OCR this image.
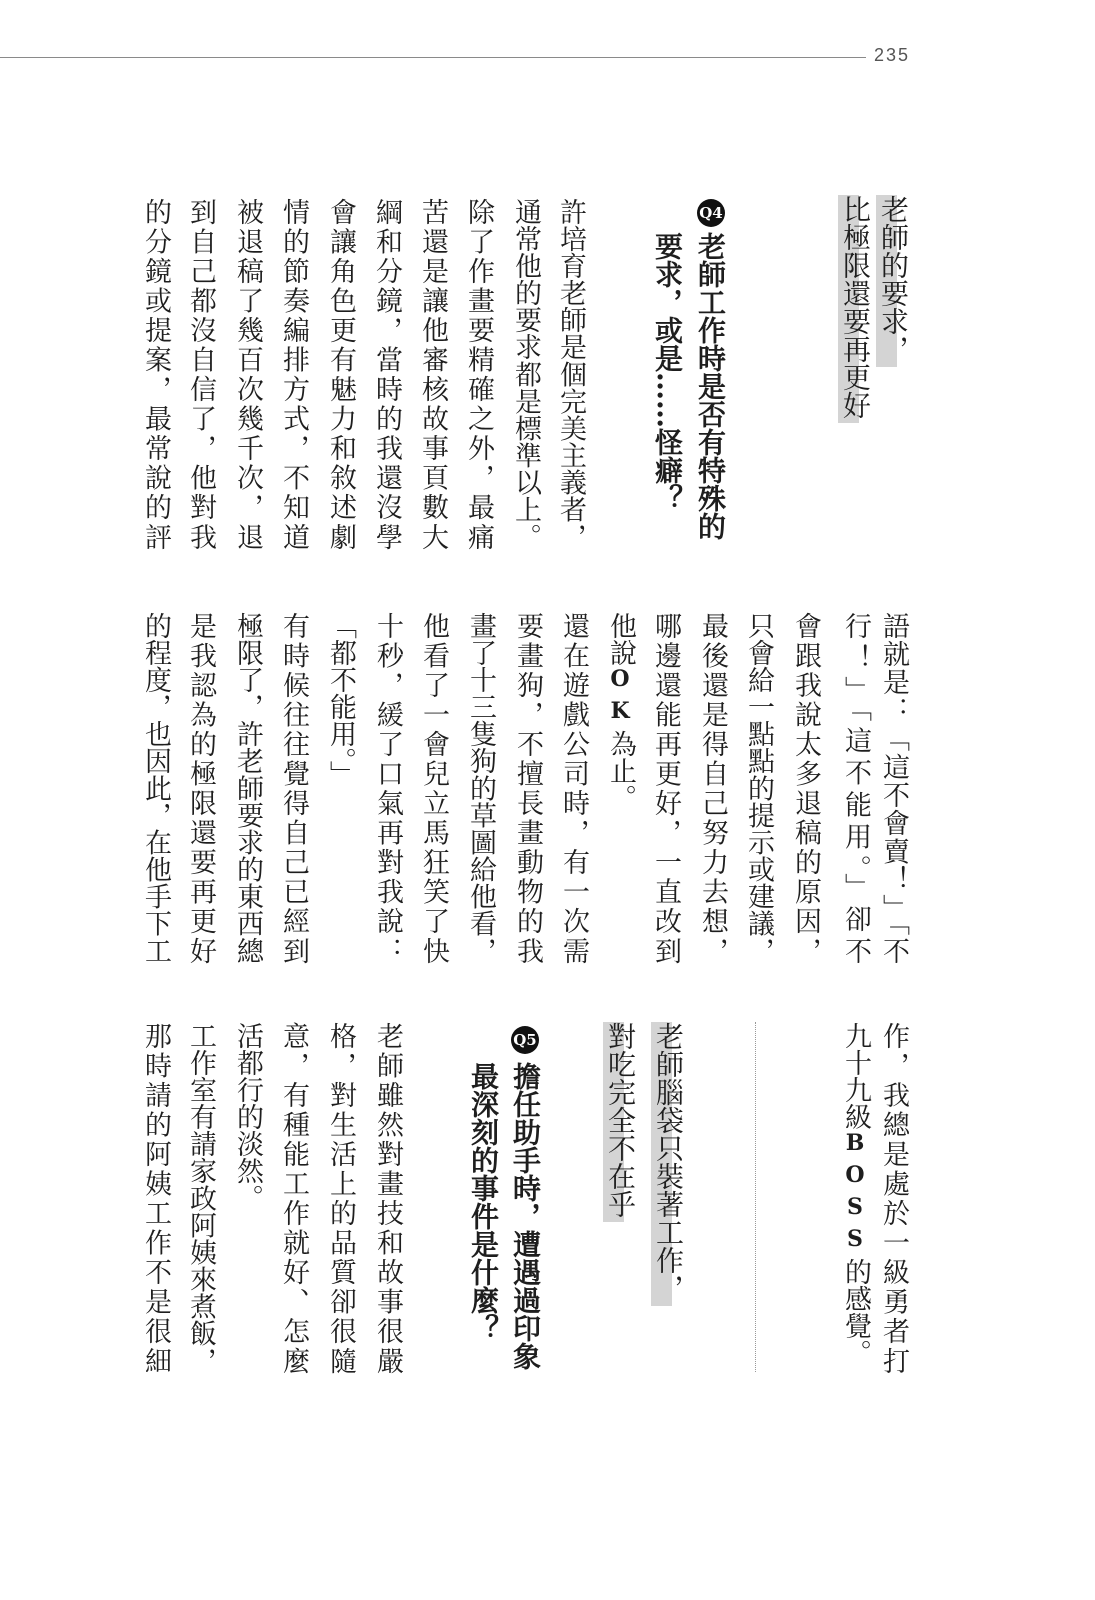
235
老師的要求，
比極限還要再更好
Q4
老師工作時是否有特殊的
要求，或是……怪癖？
許培育老師是個完美主義者，
通常他的要求都是標準以上。
除了作畫要精確之外，最痛
苦還是讓他審核故事頁數大
綱和分鏡，當時的我還沒學
會讓角色更有魅力和敘述劇
情的節奏編排方式，不知道
被退稿了幾百次幾千次，退
到自己都沒自信了，他對我
的分鏡或提案，最常說的評
語就是：「這不會賣！」「不
行！」「這不能用。」卻不
會跟我說太多退稿的原因，
只會給一點點的提示或建議，
最後還是得自己努力去想，
哪邊還能再更好，一直改到
他說OK為止。
還在遊戲公司時，有一次需
要畫狗，不擅長畫動物的我
畫了十三隻狗的草圖給他看，
他看了一會兒立馬狂笑了快
十秒，緩了口氣再對我說：
「都不能用。」
有時候往往覺得自己已經到
極限了，許老師要求的東西總
是我認為的極限還要再更好
的程度，也因此，在他手下工
作，我總是處於一級勇者打
九十九級BOSS的感覺。
老師腦袋只裝著工作，
對吃完全不在乎
Q5
擔任助手時，遭遇過印象
最深刻的事件是什麼？
老師雖然對畫技和故事很嚴
格，對生活上的品質卻很隨
意，有種能工作就好、怎麼
活都行的淡然。
工作室有請家政阿姨來煮飯，
那時請的阿姨工作不是很細
